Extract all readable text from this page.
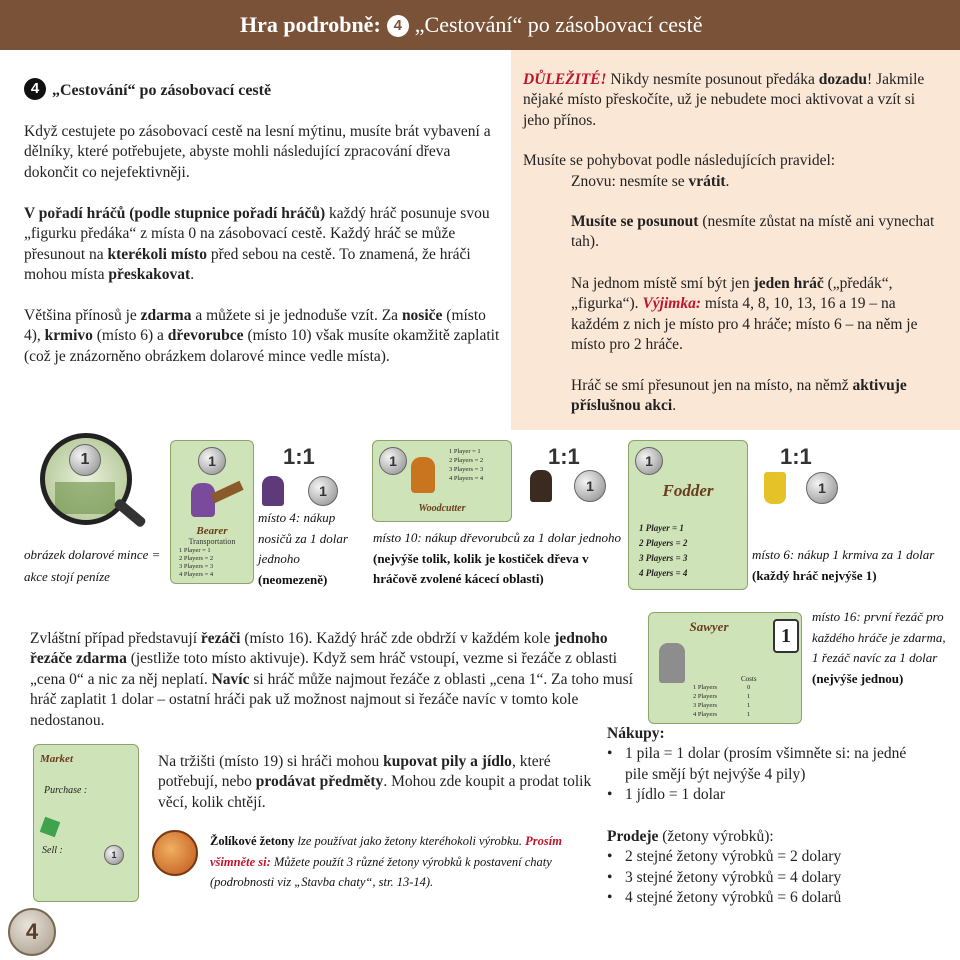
Hra podrobně: 4 „Cestování“ po zásobovací cestě
4 „Cestování“ po zásobovací cestě
Když cestujete po zásobovací cestě na lesní mýtinu, musíte brát vybavení a dělníky, které potřebujete, abyste mohli následující zpracování dřeva dokončit co nejefektivněji.
V pořadí hráčů (podle stupnice pořadí hráčů) každý hráč posunuje svou „figurku předáka“ z místa 0 na zásobovací cestě. Každý hráč se může přesunout na kterékoli místo před sebou na cestě. To znamená, že hráči mohou místa přeskakovat.
Většina přínosů je zdarma a můžete si je jednoduše vzít. Za nosiče (místo 4), krmivo (místo 6) a dřevorubce (místo 10) však musíte okamžitě zaplatit (což je znázorněno obrázkem dolarové mince vedle místa).
DŮLEŽITÉ! Nikdy nesmíte posunout předáka dozadu! Jakmile nějaké místo přeskočíte, už je nebudete moci aktivovat a vzít si jeho přínos.
Musíte se pohybovat podle následujících pravidel:
Znovu: nesmíte se vrátit.
Musíte se posunout (nesmíte zůstat na místě ani vynechat tah).
Na jednom místě smí být jen jeden hráč („předák“, „figurka“). Výjimka: místa 4, 8, 10, 13, 16 a 19 – na každém z nich je místo pro 4 hráče; místo 6 – na něm je místo pro 2 hráče.
Hráč se smí přesunout jen na místo, na němž aktivuje příslušnou akci.
1	1
Bearer
Transportation
1 Player = 1
2 Players = 2
3 Players = 3
4 Players = 4
1:1
1
1
1 Player = 1
2 Players = 2
3 Players = 3
4 Players = 4
Woodcutter
1:1
1
1
Fodder
1 Player = 1
2 Players = 2
3 Players = 3
4 Players = 4
1:1
1
obrázek dolarové mince = akce stojí peníze
místo 4: nákup nosičů za 1 dolar jednoho (neomezeně)
místo 10: nákup dřevorubců za 1 dolar jednoho (nejvýše tolik, kolik je kostiček dřeva v hráčově zvolené kácecí oblasti)
místo 6: nákup 1 krmiva za 1 dolar (každý hráč nejvýše 1)
Sawyer	1
Costs
1 Players
2 Players
3 Players
4 Players
0
1
1
1
místo 16: první řezáč pro každého hráče je zdarma, 1 řezáč navíc za 1 dolar (nejvýše jednou)
Zvláštní případ představují řezáči (místo 16). Každý hráč zde obdrží v každém kole jednoho řezáče zdarma (jestliže toto místo aktivuje). Když sem hráč vstoupí, vezme si řezáče z oblasti „cena 0“ a nic za něj neplatí. Navíc si hráč může najmout řezáče z oblasti „cena 1“. Za toho musí hráč zaplatit 1 dolar – ostatní hráči pak už možnost najmout si řezáče navíc v tomto kole nedostanou.
Market
Purchase :
Sell :	1
Na tržišti (místo 19) si hráči mohou kupovat pily a jídlo, které potřebují, nebo prodávat předměty. Mohou zde koupit a prodat tolik věcí, kolik chtějí.
Žolíkové žetony lze používat jako žetony kteréhokoli výrobku. Prosím všimněte si: Můžete použít 3 různé žetony výrobků k postavení chaty (podrobnosti viz „Stavba chaty“, str. 13-14).
Nákupy:
• 1 pila = 1 dolar (prosím všimněte si: na jedné pile smějí být nejvýše 4 pily)
• 1 jídlo = 1 dolar
Prodeje (žetony výrobků):
• 2 stejné žetony výrobků = 2 dolary
• 3 stejné žetony výrobků = 4 dolary
• 4 stejné žetony výrobků = 6 dolarů
4
